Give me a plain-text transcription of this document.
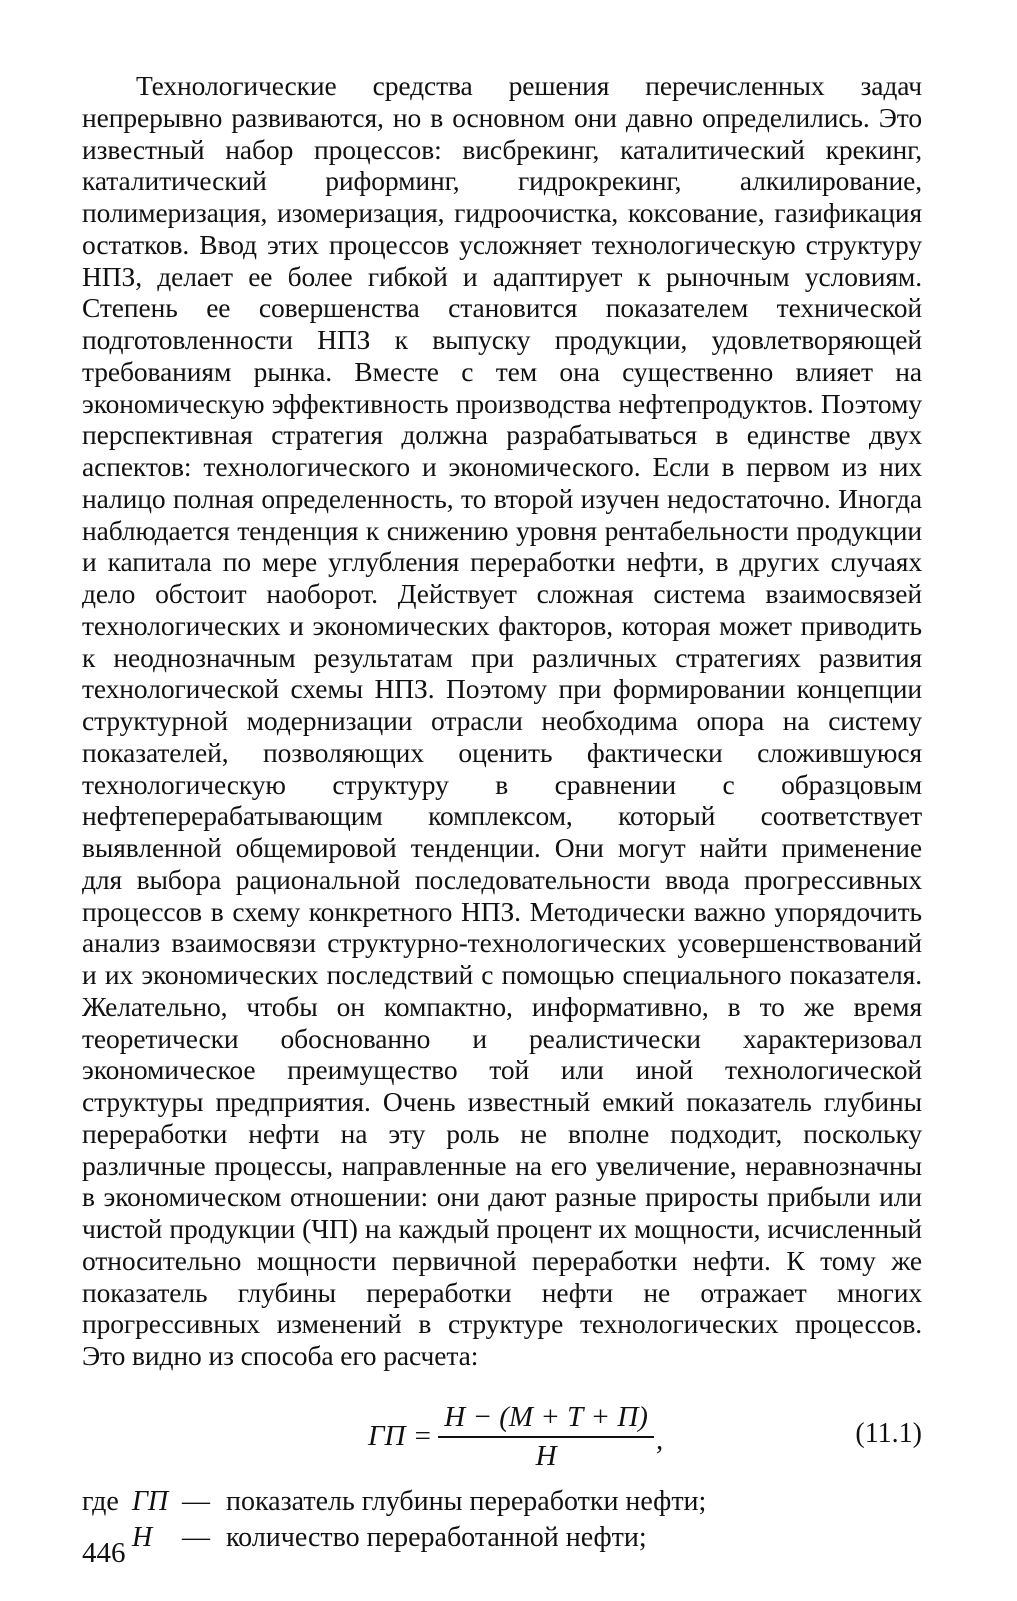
Технологические средства решения перечисленных задач непрерывно развиваются, но в основном они давно определились. Это известный набор процессов: висбрекинг, каталитический крекинг, каталитический риформинг, гидрокрекинг, алкилирование, полимеризация, изомеризация, гидроочистка, коксование, газификация остатков. Ввод этих процессов усложняет технологическую структуру НПЗ, делает ее более гибкой и адаптирует к рыночным условиям. Степень ее совершенства становится показателем технической подготовленности НПЗ к выпуску продукции, удовлетворяющей требованиям рынка. Вместе с тем она существенно влияет на экономическую эффективность производства нефтепродуктов. Поэтому перспективная стратегия должна разрабатываться в единстве двух аспектов: технологического и экономического. Если в первом из них налицо полная определенность, то второй изучен недостаточно. Иногда наблюдается тенденция к снижению уровня рентабельности продукции и капитала по мере углубления переработки нефти, в других случаях дело обстоит наоборот. Действует сложная система взаимосвязей технологических и экономических факторов, которая может приводить к неоднозначным результатам при различных стратегиях развития технологической схемы НПЗ. Поэтому при формировании концепции структурной модернизации отрасли необходима опора на систему показателей, позволяющих оценить фактически сложившуюся технологическую структуру в сравнении с образцовым нефтеперерабатывающим комплексом, который соответствует выявленной общемировой тенденции. Они могут найти применение для выбора рациональной последовательности ввода прогрессивных процессов в схему конкретного НПЗ. Методически важно упорядочить анализ взаимосвязи структурно-технологических усовершенствований и их экономических последствий с помощью специального показателя. Желательно, чтобы он компактно, информативно, в то же время теоретически обоснованно и реалистически характеризовал экономическое преимущество той или иной технологической структуры предприятия. Очень известный емкий показатель глубины переработки нефти на эту роль не вполне подходит, поскольку различные процессы, направленные на его увеличение, неравнозначны в экономическом отношении: они дают разные приросты прибыли или чистой продукции (ЧП) на каждый процент их мощности, исчисленный относительно мощности первичной переработки нефти. К тому же показатель глубины переработки нефти не отражает многих прогрессивных изменений в структуре технологических процессов. Это видно из способа его расчета:

ГП = $\frac{Н - (М + Т + П)}{Н}$ ,	(11.1)
где ГП — показатель глубины переработки нефти;
Н	— количество переработанной нефти;
446
